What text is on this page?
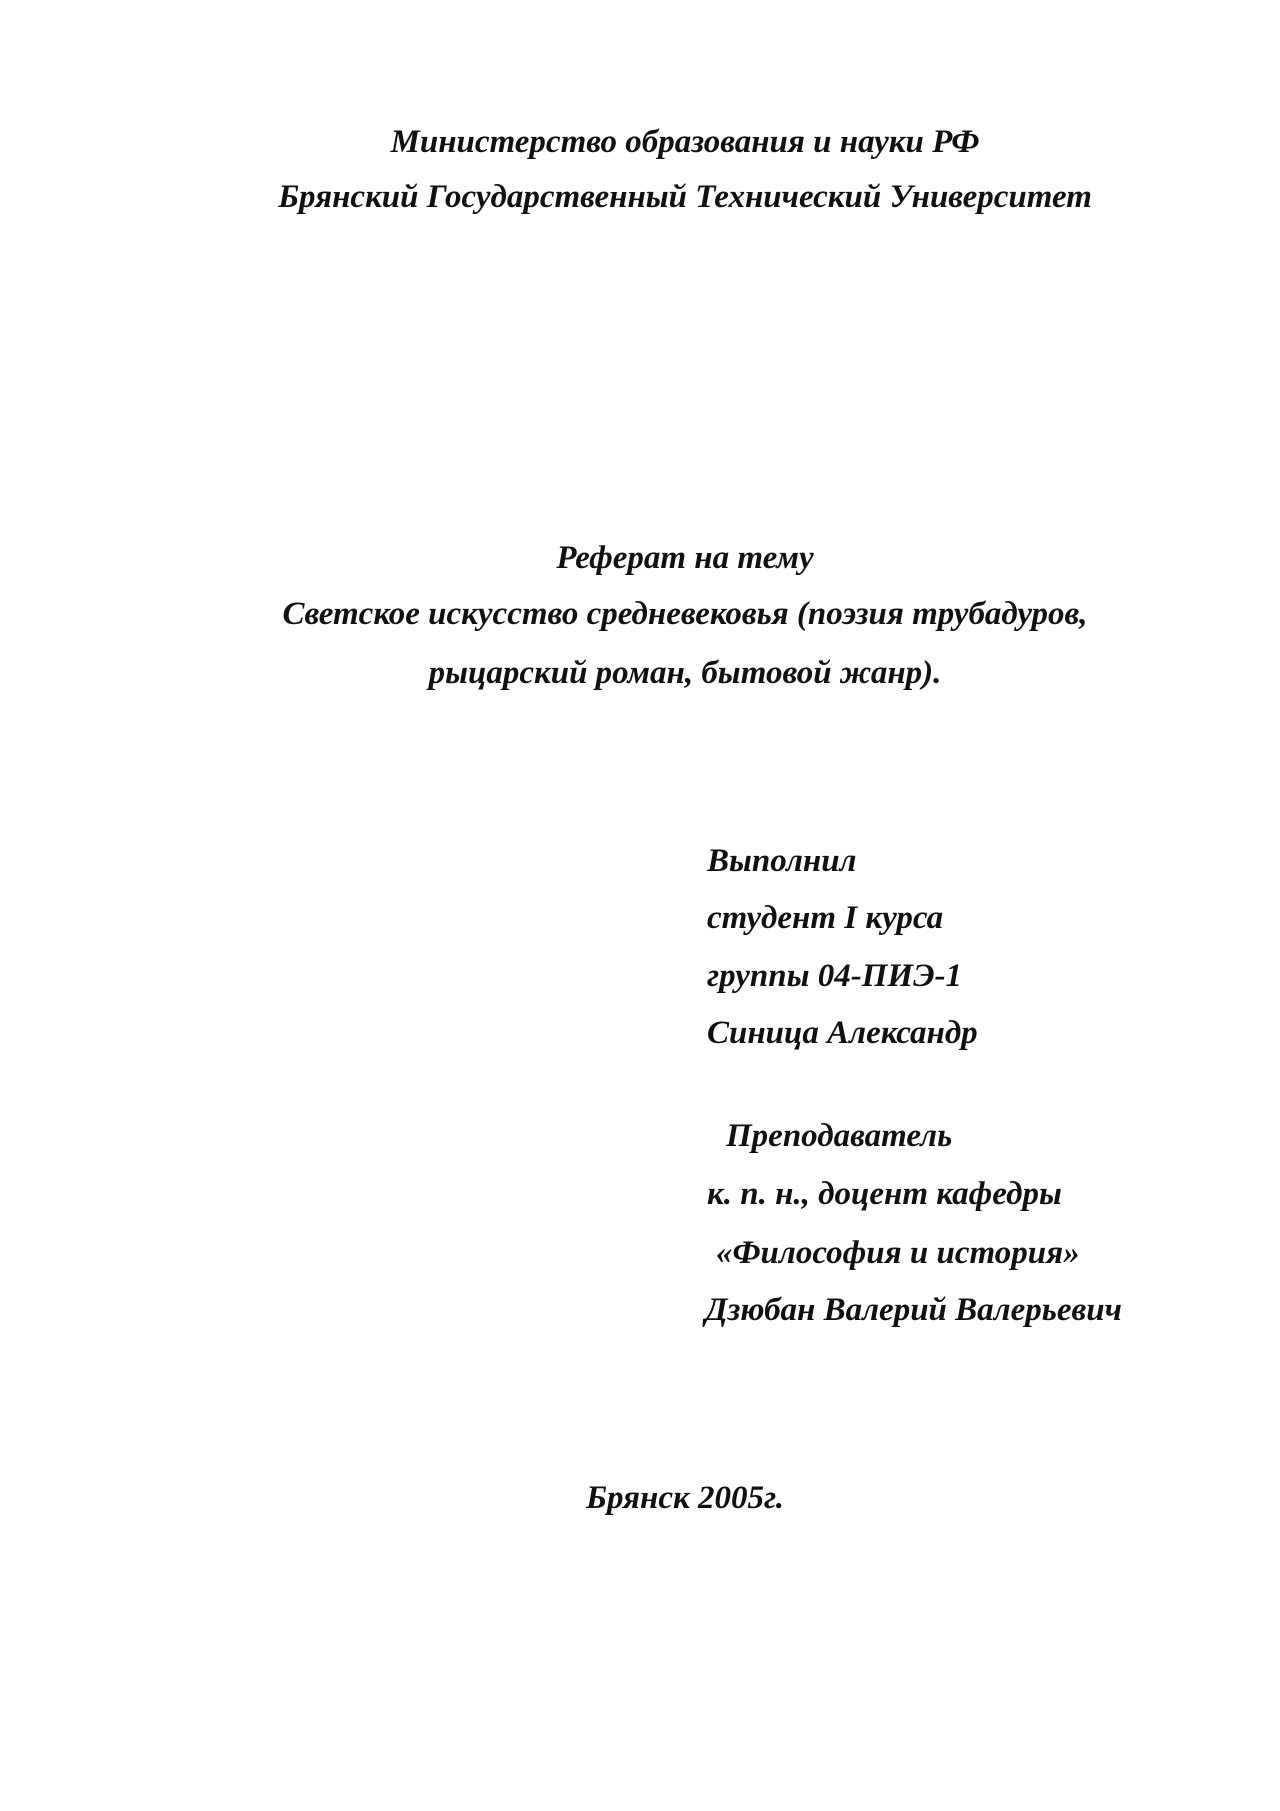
Министерство образования и науки РФ
Брянский Государственный Технический Университет
Реферат на тему
Светское искусство средневековья (поэзия трубадуров,
рыцарский роман, бытовой жанр).
Выполнил
студент I курса
группы 04-ПИЭ-1
Синица Александр
Преподаватель
к. п. н., доцент кафедры
«Философия и история»
Дзюбан Валерий Валерьевич
Брянск 2005г.
